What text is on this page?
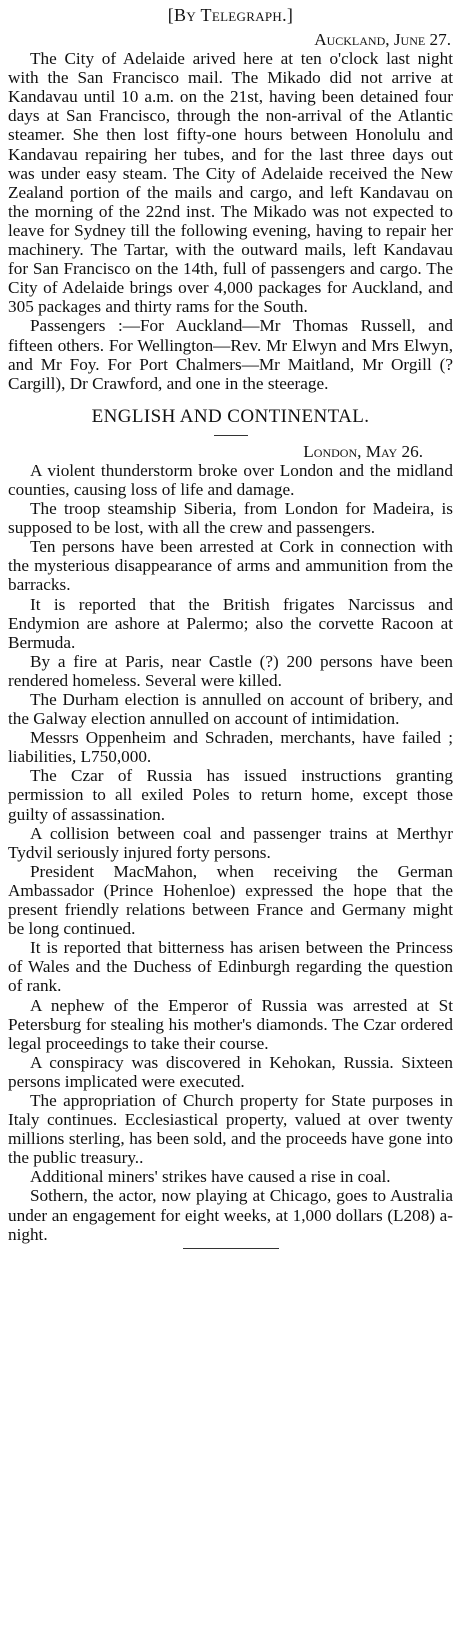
[By Telegraph.]
Auckland, June 27.

The City of Adelaide arived here at ten o'clock last night with the San Francisco mail. The Mikado did not arrive at Kandavau until 10 a.m. on the 21st, having been detained four days at San Francisco, through the non-arrival of the Atlantic steamer. She then lost fifty-one hours between Honolulu and Kandavau repairing her tubes, and for the last three days out was under easy steam. The City of Adelaide received the New Zealand portion of the mails and cargo, and left Kandavau on the morning of the 22nd inst. The Mikado was not expected to leave for Sydney till the following evening, having to repair her machinery. The Tartar, with the outward mails, left Kandavau for San Francisco on the 14th, full of passengers and cargo. The City of Adelaide brings over 4,000 packages for Auckland, and 305 packages and thirty rams for the South.

Passengers :—For Auckland—Mr Thomas Russell, and fifteen others. For Wellington—Rev. Mr Elwyn and Mrs Elwyn, and Mr Foy. For Port Chalmers—Mr Maitland, Mr Orgill (? Cargill), Dr Crawford, and one in the steerage.

ENGLISH AND CONTINENTAL.
London, May 26.

A violent thunderstorm broke over London and the midland counties, causing loss of life and damage.

The troop steamship Siberia, from London for Madeira, is supposed to be lost, with all the crew and passengers.

Ten persons have been arrested at Cork in connection with the mysterious disappearance of arms and ammunition from the barracks.

It is reported that the British frigates Narcissus and Endymion are ashore at Palermo; also the corvette Racoon at Bermuda.

By a fire at Paris, near Castle (?) 200 persons have been rendered homeless. Several were killed.

The Durham election is annulled on account of bribery, and the Galway election annulled on account of intimidation.

Messrs Oppenheim and Schraden, merchants, have failed ; liabilities, L750,000.

The Czar of Russia has issued instructions granting permission to all exiled Poles to return home, except those guilty of assassination.

A collision between coal and passenger trains at Merthyr Tydvil seriously injured forty persons.

President MacMahon, when receiving the German Ambassador (Prince Hohenloe) expressed the hope that the present friendly relations between France and Germany might be long continued.

It is reported that bitterness has arisen between the Princess of Wales and the Duchess of Edinburgh regarding the question of rank.

A nephew of the Emperor of Russia was arrested at St Petersburg for stealing his mother's diamonds. The Czar ordered legal proceedings to take their course.

A conspiracy was discovered in Kehokan, Russia. Sixteen persons implicated were executed.

The appropriation of Church property for State purposes in Italy continues. Ecclesiastical property, valued at over twenty millions sterling, has been sold, and the proceeds have gone into the public treasury..

Additional miners' strikes have caused a rise in coal.

Sothern, the actor, now playing at Chicago, goes to Australia under an engagement for eight weeks, at 1,000 dollars (L208) a-night.
